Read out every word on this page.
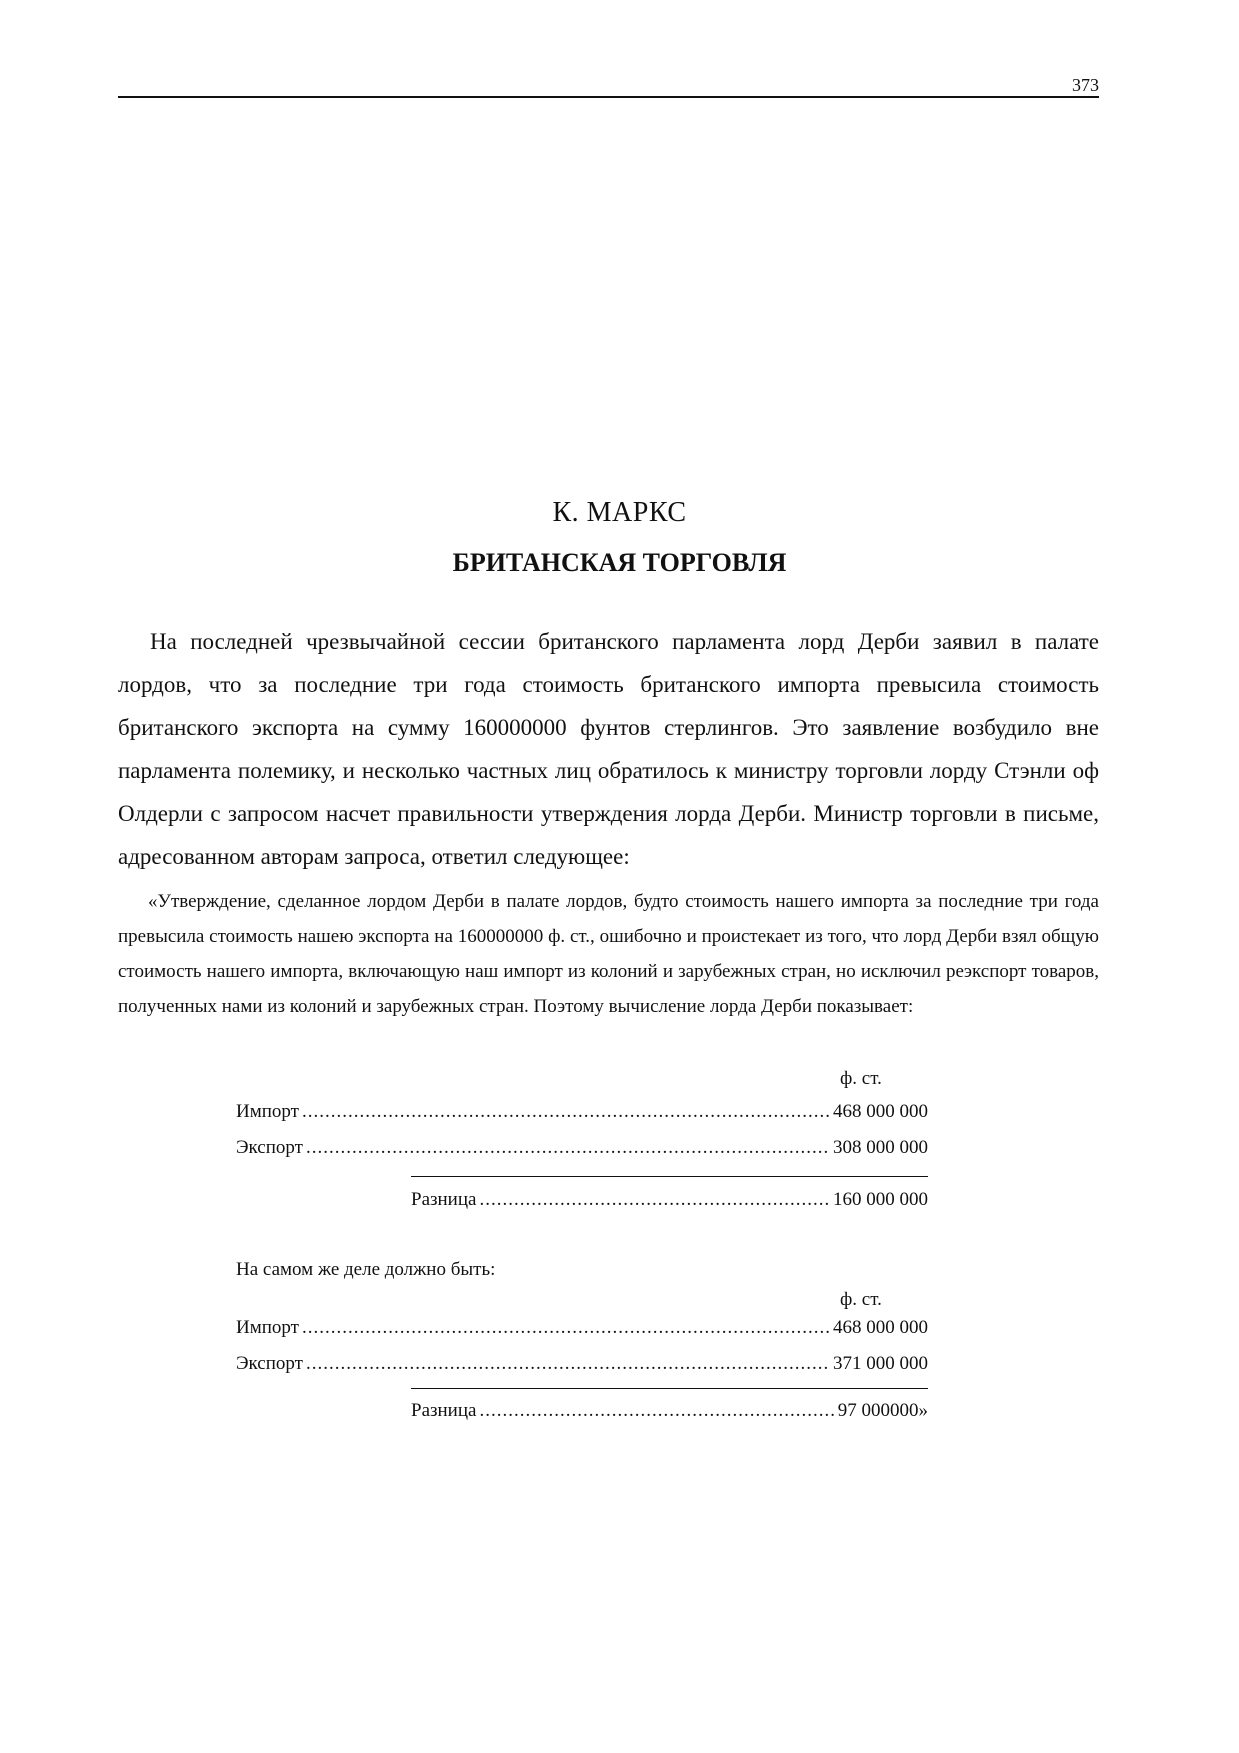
373
К. МАРКС
БРИТАНСКАЯ ТОРГОВЛЯ

На последней чрезвычайной сессии британского парламента лорд Дерби заявил в палате лордов, что за последние три года стоимость британского импорта превысила стоимость британского экспорта на сумму 160000000 фунтов стерлингов. Это заявление возбудило вне парламента полемику, и несколько частных лиц обратилось к министру торговли лорду Стэнли оф Олдерли с запросом насчет правильности утверждения лорда Дерби. Министр торговли в письме, адресованном авторам запроса, ответил следующее:

«Утверждение, сделанное лордом Дерби в палате лордов, будто стоимость нашего импорта за последние три года превысила стоимость нашею экспорта на 160000000 ф. ст., ошибочно и проистекает из того, что лорд Дерби взял общую стоимость нашего импорта, включающую наш импорт из колоний и зарубежных стран, но исключил реэкспорт товаров, полученных нами из колоний и зарубежных стран. Поэтому вычисление лорда Дерби показывает:

ф. ст.
Импорт .....	468 000 000
Экспорт .....	308 000 000
Разница .....	160 000 000
На самом же деле должно быть:
ф. ст.
Импорт .....	468 000 000
Экспорт .....	371 000 000
Разница .....	97 000000»
